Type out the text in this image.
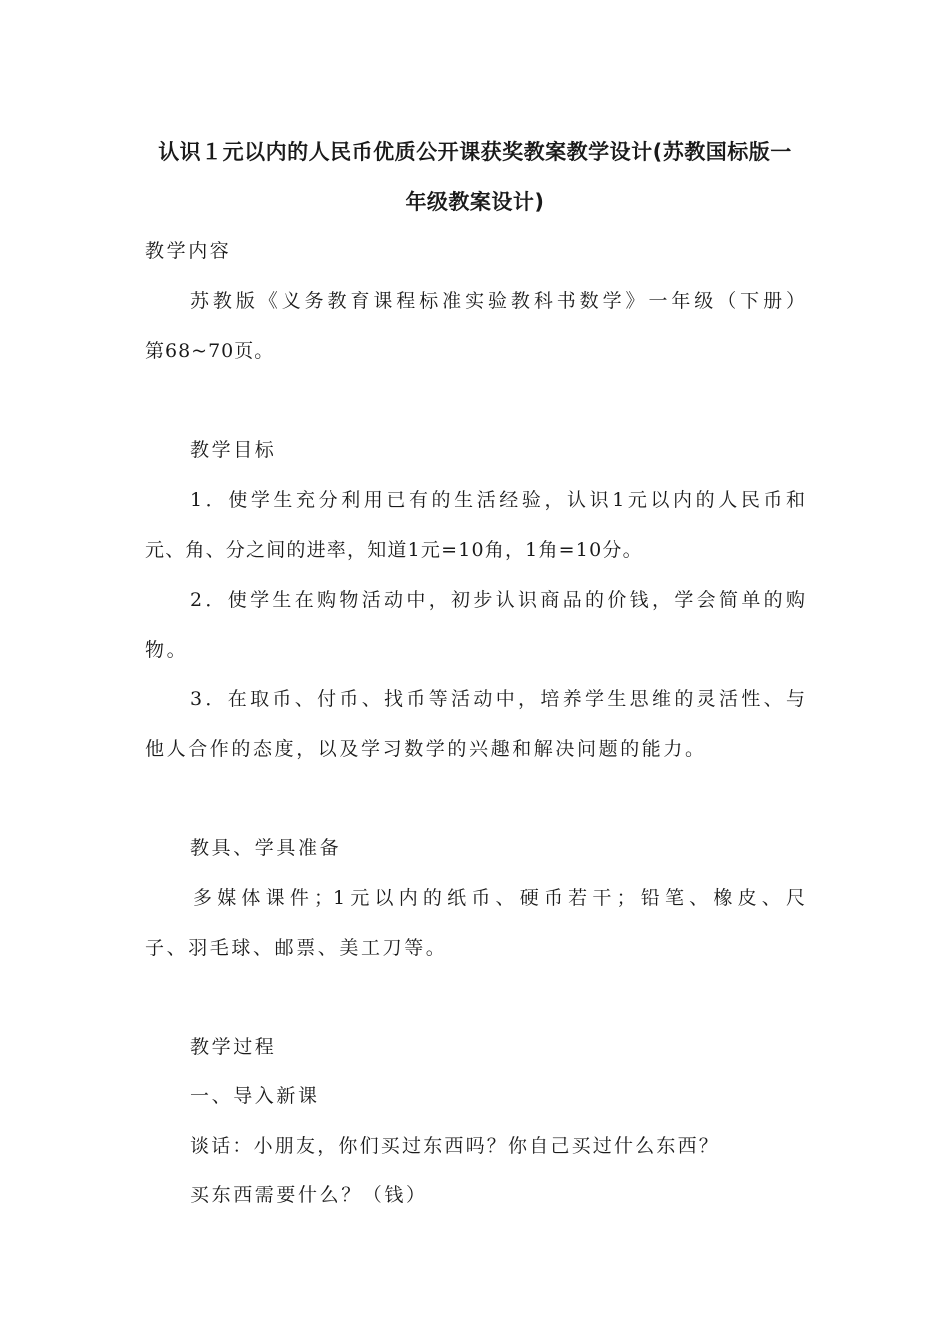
认识１元以内的人民币优质公开课获奖教案教学设计(苏教国标版一
年级教案设计)
教学内容
苏教版《义务教育课程标准实验教科书数学》一年级（下册）
第68~70页。
教学目标
1．使学生充分利用已有的生活经验，认识1元以内的人民币和
元、角、分之间的进率，知道1元=10角，1角=10分。
2．使学生在购物活动中，初步认识商品的价钱，学会简单的购
物。
3．在取币、付币、找币等活动中，培养学生思维的灵活性、与
他人合作的态度，以及学习数学的兴趣和解决问题的能力。
教具、学具准备
多媒体课件；1元以内的纸币、硬币若干；铅笔、橡皮、尺
子、羽毛球、邮票、美工刀等。
教学过程
一、导入新课
谈话：小朋友，你们买过东西吗？你自己买过什么东西？
买东西需要什么？（钱）
